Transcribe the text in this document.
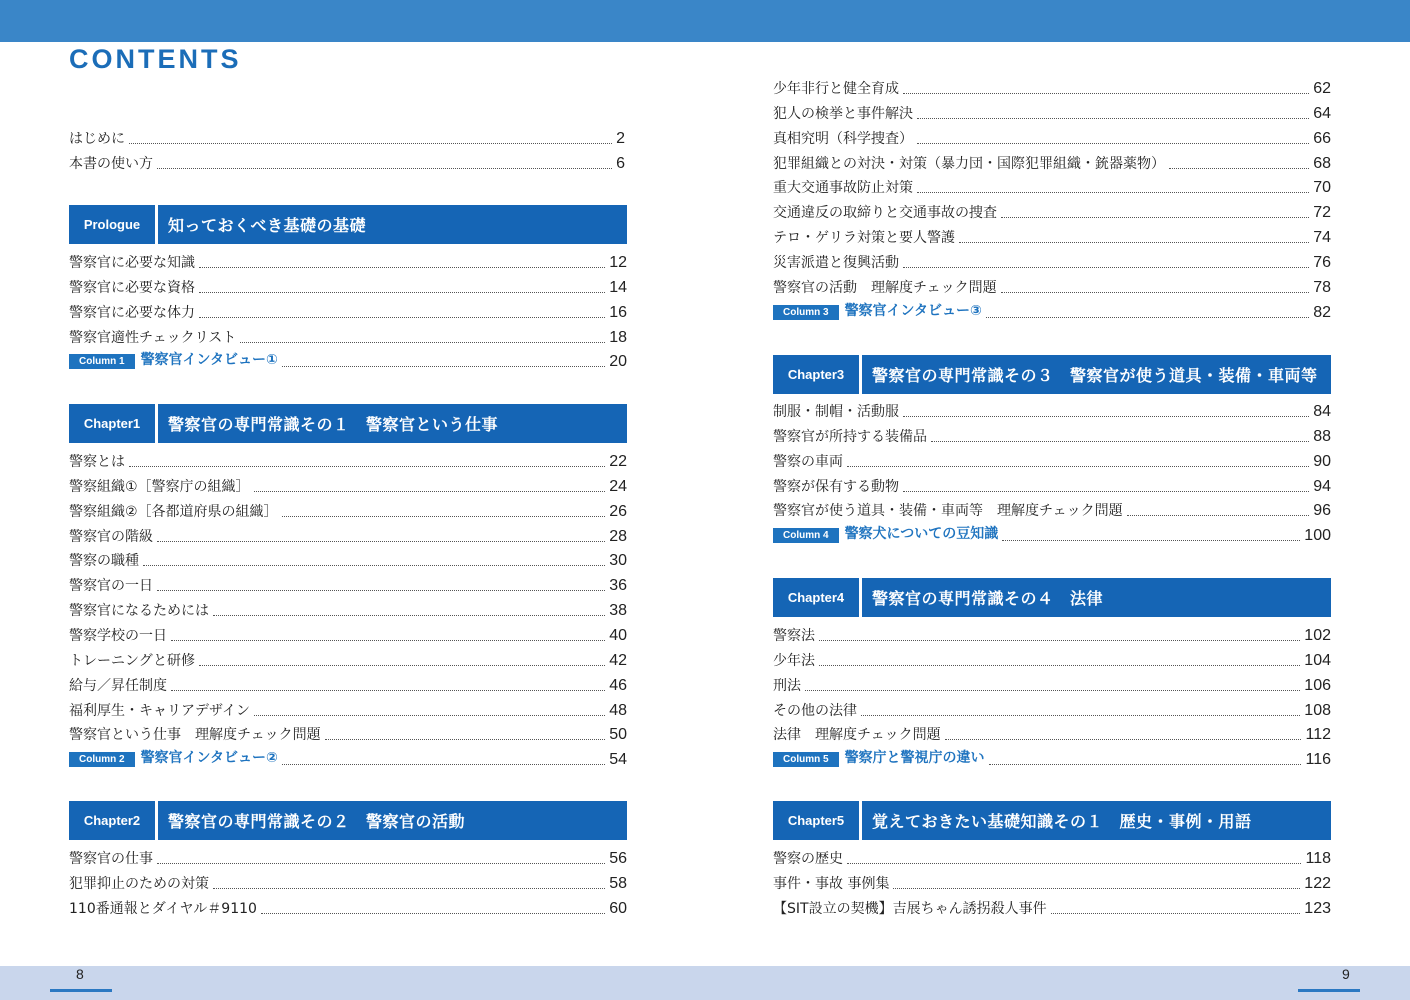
8	9
CONTENTS
はじめに	2
本書の使い方	6
Prologue	知っておくべき基礎の基礎
警察官に必要な知識	12
警察官に必要な資格	14
警察官に必要な体力	16
警察官適性チェックリスト	18
Column 1 警察官インタビュー①	20
Chapter1	警察官の専門常識その１　警察官という仕事
警察とは	22
警察組織①［警察庁の組織］	24
警察組織②［各都道府県の組織］	26
警察官の階級	28
警察の職種	30
警察官の一日	36
警察官になるためには	38
警察学校の一日	40
トレーニングと研修	42
給与／昇任制度	46
福利厚生・キャリアデザイン	48
警察官という仕事　理解度チェック問題	50
Column 2 警察官インタビュー②	54
Chapter2	警察官の専門常識その２　警察官の活動
警察官の仕事	56
犯罪抑止のための対策	58
110番通報とダイヤル＃9110	60
少年非行と健全育成	62
犯人の検挙と事件解決	64
真相究明（科学捜査）	66
犯罪組織との対決・対策（暴力団・国際犯罪組織・銃器薬物）	68
重大交通事故防止対策	70
交通違反の取締りと交通事故の捜査	72
テロ・ゲリラ対策と要人警護	74
災害派遣と復興活動	76
警察官の活動　理解度チェック問題	78
Column 3 警察官インタビュー③	82
Chapter3	警察官の専門常識その３　警察官が使う道具・装備・車両等
制服・制帽・活動服	84
警察官が所持する装備品	88
警察の車両	90
警察が保有する動物	94
警察官が使う道具・装備・車両等　理解度チェック問題	96
Column 4 警察犬についての豆知識	100
Chapter4	警察官の専門常識その４　法律
警察法	102
少年法	104
刑法	106
その他の法律	108
法律　理解度チェック問題	112
Column 5 警察庁と警視庁の違い	116
Chapter5	覚えておきたい基礎知識その１　歴史・事例・用語
警察の歴史	118
事件・事故 事例集	122
【SIT設立の契機】吉展ちゃん誘拐殺人事件	123
